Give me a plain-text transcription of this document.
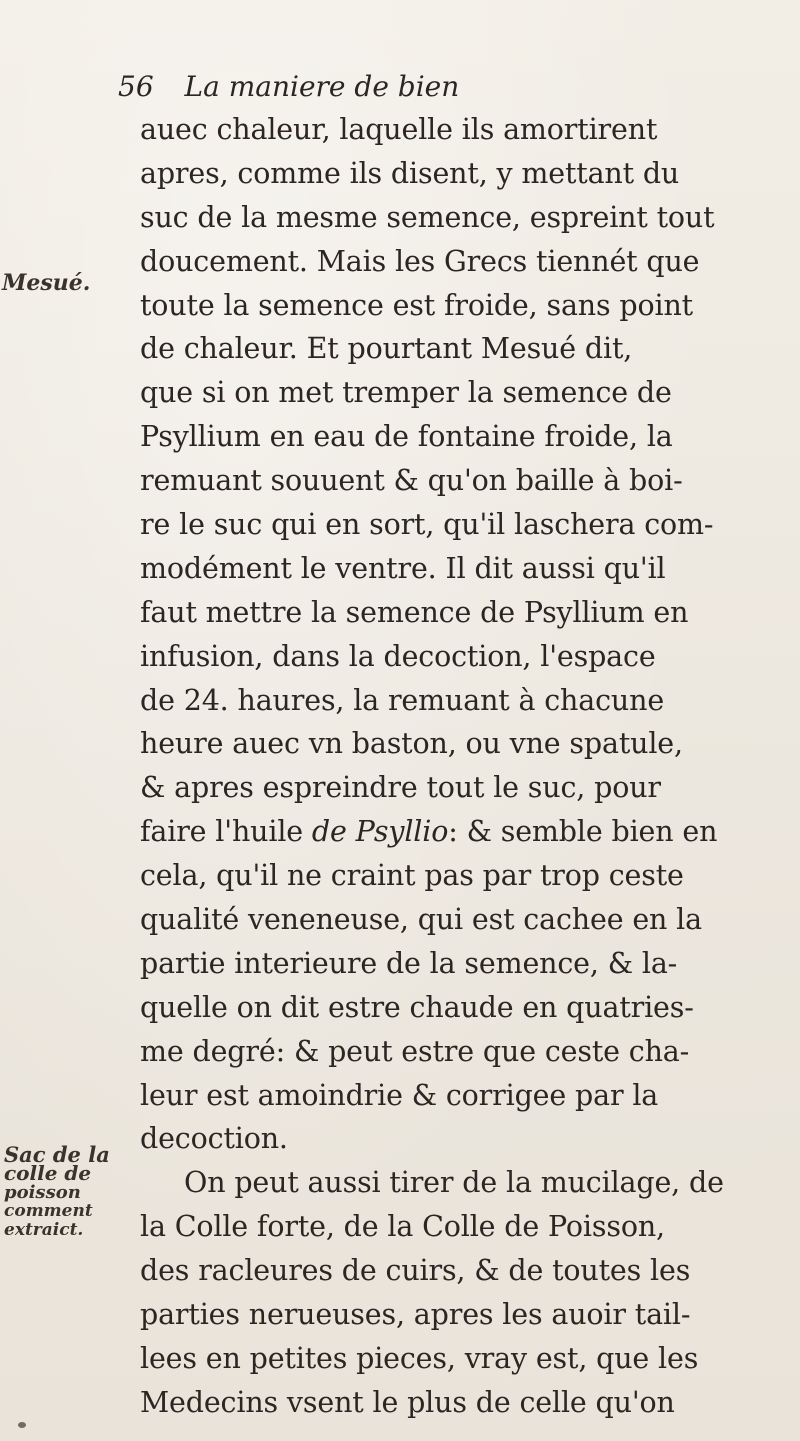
56 La maniere de bien
Mesué.
Sac de la
colle de
poisson
comment
extraict.
auec chaleur, laquelle ils amortirent
apres, comme ils disent, y mettant du
suc de la mesme semence, espreint tout
doucement. Mais les Grecs tiennét que
toute la semence est froide, sans point
de chaleur. Et pourtant Mesué dit,
que si on met tremper la semence de
Psyllium en eau de fontaine froide, la
remuant souuent & qu'on baille à boi-
re le suc qui en sort, qu'il laschera com-
modément le ventre. Il dit aussi qu'il
faut mettre la semence de Psyllium en
infusion, dans la decoction, l'espace
de 24. haures, la remuant à chacune
heure auec vn baston, ou vne spatule,
& apres espreindre tout le suc, pour
faire l'huile de Psyllio: & semble bien en
cela, qu'il ne craint pas par trop ceste
qualité veneneuse, qui est cachee en la
partie interieure de la semence, & la-
quelle on dit estre chaude en quatries-
me degré: & peut estre que ceste cha-
leur est amoindrie & corrigee par la
decoction.
On peut aussi tirer de la mucilage, de
la Colle forte, de la Colle de Poisson,
des racleures de cuirs, & de toutes les
parties nerueuses, apres les auoir tail-
lees en petites pieces, vray est, que les
Medecins vsent le plus de celle qu'on
